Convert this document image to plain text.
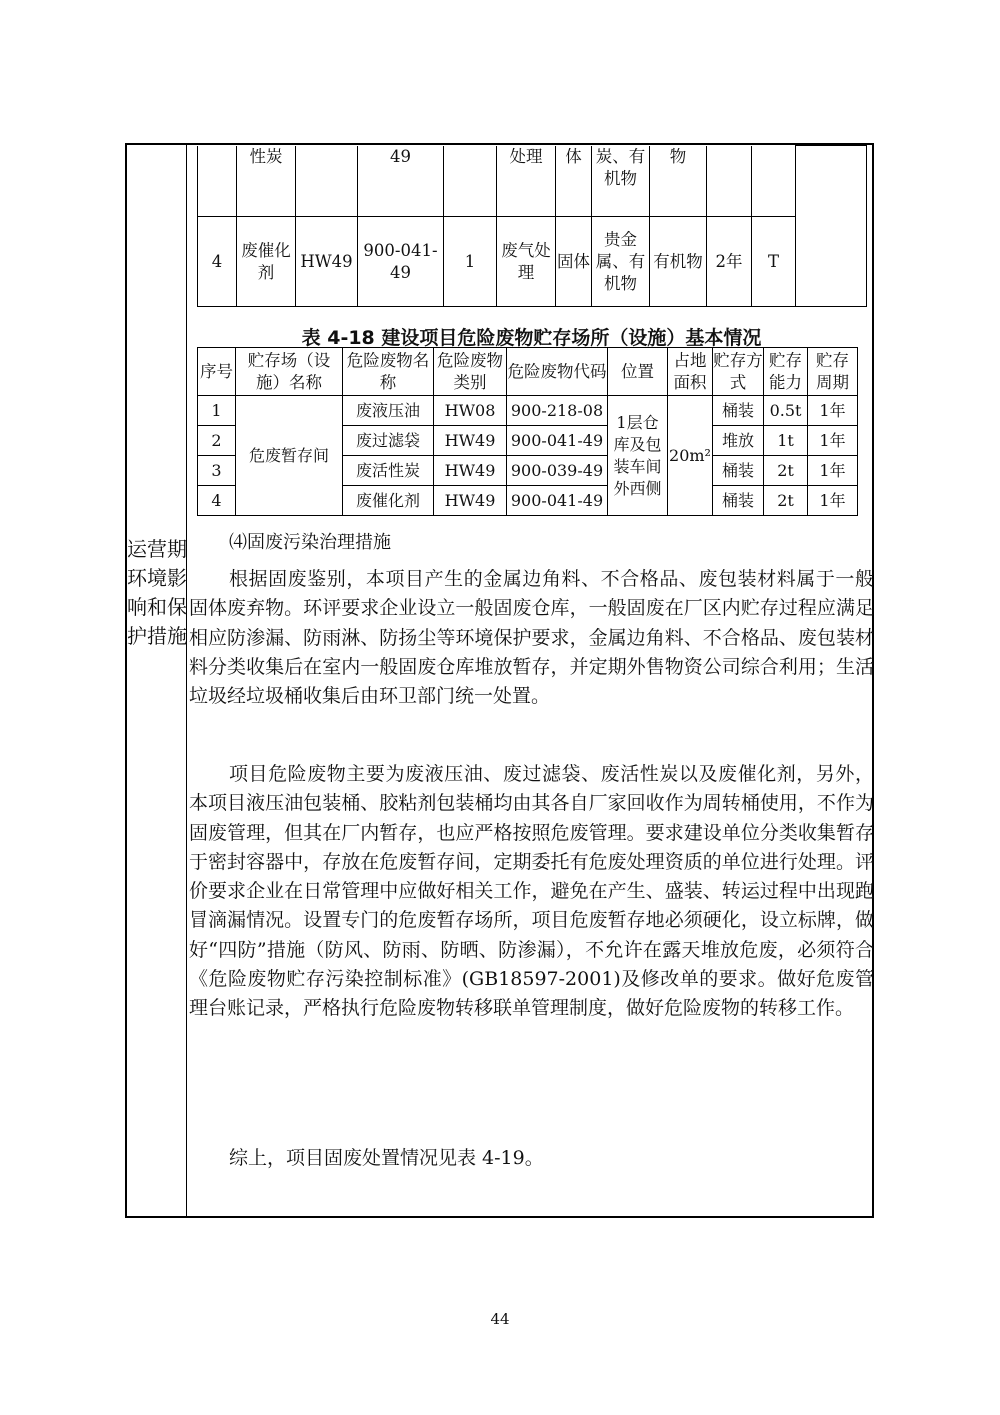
运营期环境影响和保护措施
	性炭		49		处理	体	炭、有机物	物			
4	废催化剂	HW49	900-041-49	1	废气处理	固体	贵金属、有机物	有机物	2年	T	
表 4-18 建设项目危险废物贮存场所（设施）基本情况
序号	贮存场（设施）名称	危险废物名称	危险废物类别	危险废物代码	位置	占地面积	贮存方式	贮存能力	贮存周期
1	危废暂存间	废液压油	HW08	900-218-08	1层仓库及包装车间外西侧	20m²	桶装	0.5t	1年
2		废过滤袋	HW49	900-041-49			堆放	1t	1年
3		废活性炭	HW49	900-039-49			桶装	2t	1年
4		废催化剂	HW49	900-041-49			桶装	2t	1年
⑷固废污染治理措施

根据固废鉴别，本项目产生的金属边角料、不合格品、废包装材料属于一般固体废弃物。环评要求企业设立一般固废仓库，一般固废在厂区内贮存过程应满足相应防渗漏、防雨淋、防扬尘等环境保护要求，金属边角料、不合格品、废包装材料分类收集后在室内一般固废仓库堆放暂存，并定期外售物资公司综合利用；生活垃圾经垃圾桶收集后由环卫部门统一处置。

项目危险废物主要为废液压油、废过滤袋、废活性炭以及废催化剂，另外，本项目液压油包装桶、胶粘剂包装桶均由其各自厂家回收作为周转桶使用，不作为固废管理，但其在厂内暂存，也应严格按照危废管理。要求建设单位分类收集暂存于密封容器中，存放在危废暂存间，定期委托有危废处理资质的单位进行处理。评价要求企业在日常管理中应做好相关工作，避免在产生、盛装、转运过程中出现跑冒滴漏情况。设置专门的危废暂存场所，项目危废暂存地必须硬化，设立标牌，做好“四防”措施（防风、防雨、防晒、防渗漏），不允许在露天堆放危废，必须符合《危险废物贮存污染控制标准》(GB18597-2001)及修改单的要求。做好危废管理台账记录，严格执行危险废物转移联单管理制度，做好危险废物的转移工作。

综上，项目固废处置情况见表 4-19。

44
